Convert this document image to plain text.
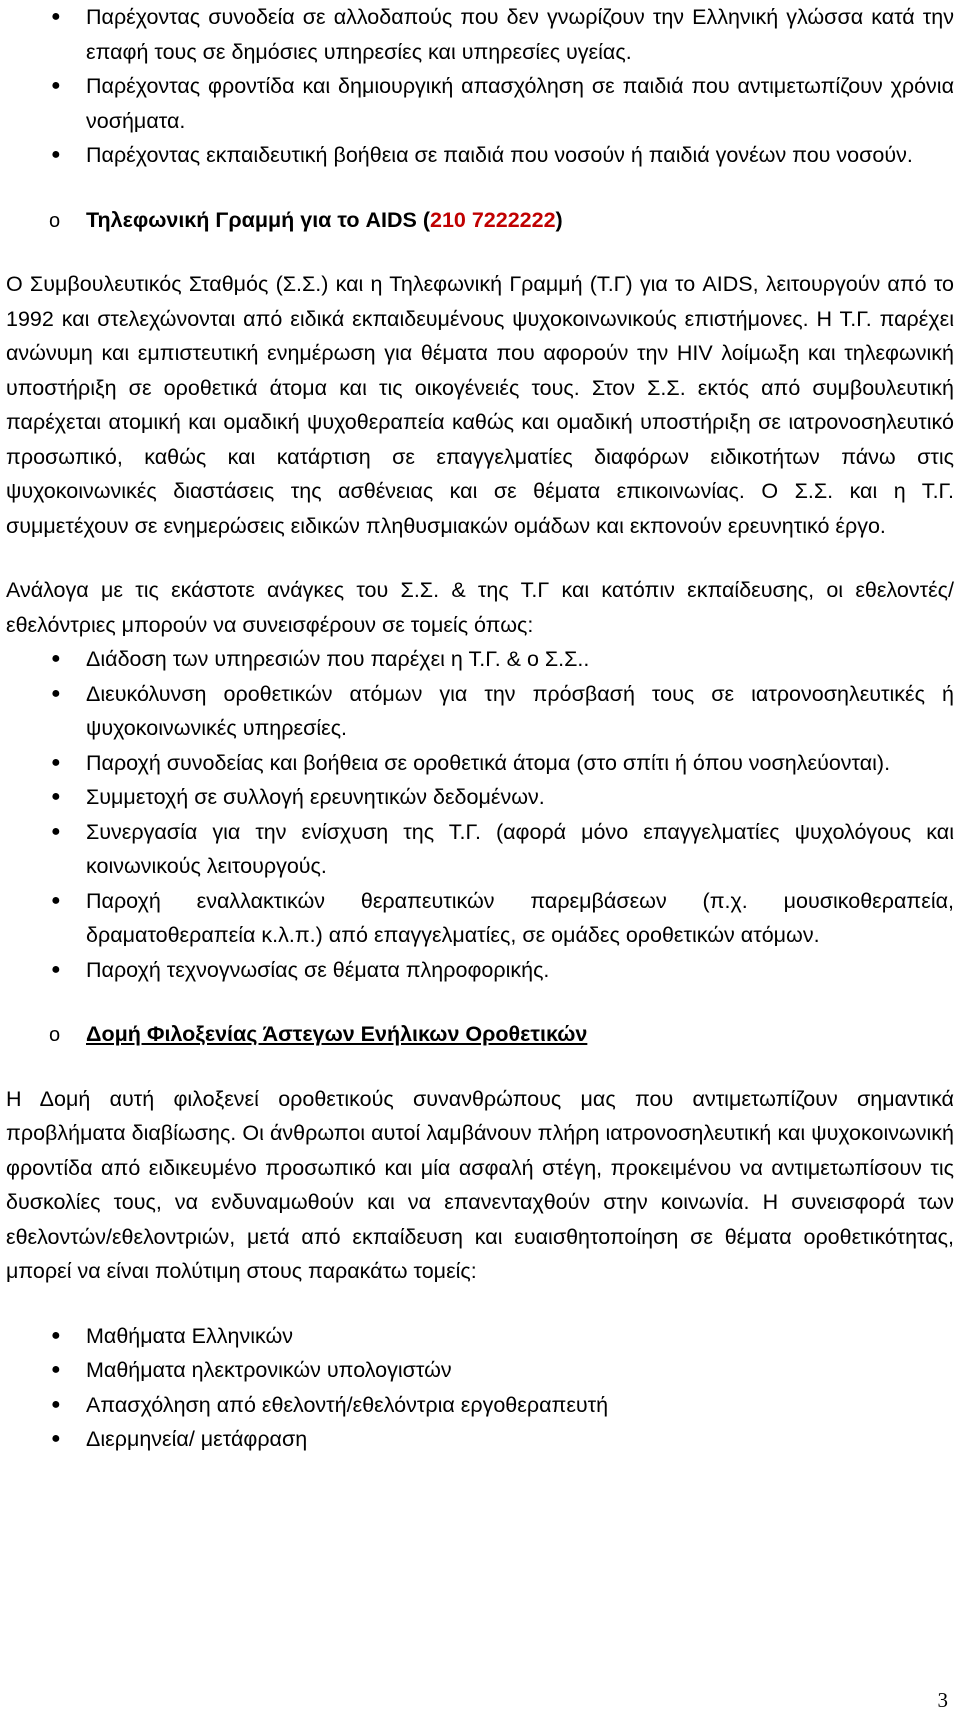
● Παρέχοντας συνοδεία σε αλλοδαπούς που δεν γνωρίζουν την Ελληνική γλώσσα κατά την επαφή τους σε δημόσιες υπηρεσίες και υπηρεσίες υγείας.
● Παρέχοντας φροντίδα και δημιουργική απασχόληση σε παιδιά που αντιμετωπίζουν χρόνια νοσήματα.
● Παρέχοντας εκπαιδευτική βοήθεια σε παιδιά που νοσούν ή παιδιά γονέων που νοσούν.

o Τηλεφωνική Γραμμή για το AIDS (210 7222222)

Ο Συμβουλευτικός Σταθμός (Σ.Σ.) και η Τηλεφωνική Γραμμή (Τ.Γ) για το AIDS, λειτουργούν από το 1992 και στελεχώνονται από ειδικά εκπαιδευμένους ψυχοκοινωνικούς επιστήμονες. Η Τ.Γ. παρέχει ανώνυμη και εμπιστευτική ενημέρωση για θέματα που αφορούν την HIV λοίμωξη και τηλεφωνική υποστήριξη σε οροθετικά άτομα και τις οικογένειές τους. Στον Σ.Σ. εκτός από συμβουλευτική παρέχεται ατομική και ομαδική ψυχοθεραπεία καθώς και ομαδική υποστήριξη σε ιατρονοσηλευτικό προσωπικό, καθώς και κατάρτιση σε επαγγελματίες διαφόρων ειδικοτήτων πάνω στις ψυχοκοινωνικές διαστάσεις της ασθένειας και σε θέματα επικοινωνίας. Ο Σ.Σ. και η Τ.Γ. συμμετέχουν σε ενημερώσεις ειδικών πληθυσμιακών ομάδων και εκπονούν ερευνητικό έργο.

Ανάλογα με τις εκάστοτε ανάγκες του Σ.Σ. & της Τ.Γ και κατόπιν εκπαίδευσης, οι εθελοντές/εθελόντριες μπορούν να συνεισφέρουν σε τομείς όπως:

● Διάδοση των υπηρεσιών που παρέχει η Τ.Γ. & ο Σ.Σ..
● Διευκόλυνση οροθετικών ατόμων για την πρόσβασή τους σε ιατρονοσηλευτικές ή ψυχοκοινωνικές υπηρεσίες.
● Παροχή συνοδείας και βοήθεια σε οροθετικά άτομα (στο σπίτι ή όπου νοσηλεύονται).
● Συμμετοχή σε συλλογή ερευνητικών δεδομένων.
● Συνεργασία για την ενίσχυση της Τ.Γ. (αφορά μόνο επαγγελματίες ψυχολόγους και κοινωνικούς λειτουργούς.
● Παροχή εναλλακτικών θεραπευτικών παρεμβάσεων (π.χ. μουσικοθεραπεία, δραματοθεραπεία κ.λ.π.) από επαγγελματίες, σε ομάδες οροθετικών ατόμων.
● Παροχή τεχνογνωσίας σε θέματα πληροφορικής.

o Δομή Φιλοξενίας Άστεγων Ενήλικων Οροθετικών

Η Δομή αυτή φιλοξενεί οροθετικούς συνανθρώπους μας που αντιμετωπίζουν σημαντικά προβλήματα διαβίωσης. Οι άνθρωποι αυτοί λαμβάνουν πλήρη ιατρονοσηλευτική και ψυχοκοινωνική φροντίδα από ειδικευμένο προσωπικό και μία ασφαλή στέγη, προκειμένου να αντιμετωπίσουν τις δυσκολίες τους, να ενδυναμωθούν και να επανενταχθούν στην κοινωνία. Η συνεισφορά των εθελοντών/εθελοντριών, μετά από εκπαίδευση και ευαισθητοποίηση σε θέματα οροθετικότητας, μπορεί να είναι πολύτιμη στους παρακάτω τομείς:

● Μαθήματα Ελληνικών
● Μαθήματα ηλεκτρονικών υπολογιστών
● Απασχόληση από εθελοντή/εθελόντρια εργοθεραπευτή
● Διερμηνεία/ μετάφραση
3
